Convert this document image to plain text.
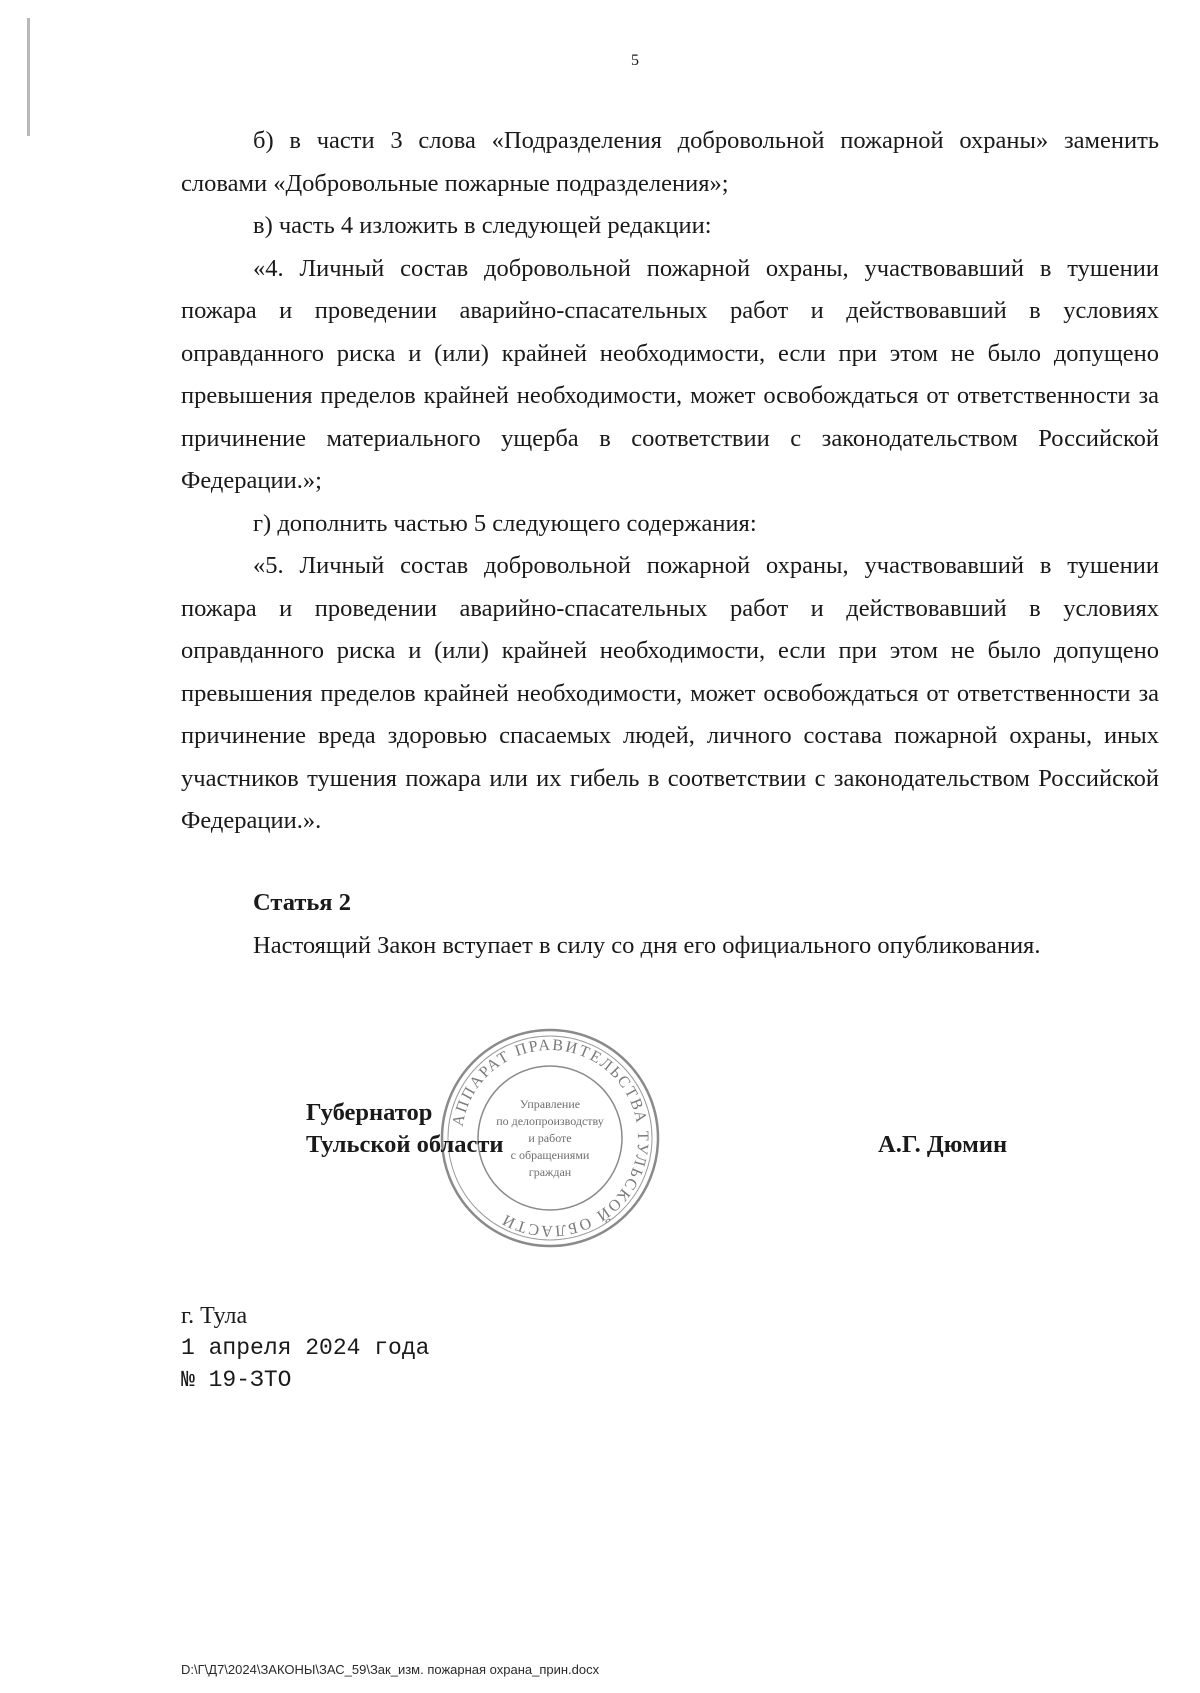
5

б) в части 3 слова «Подразделения добровольной пожарной охраны» заменить словами «Добровольные пожарные подразделения»;

в) часть 4 изложить в следующей редакции:

«4. Личный состав добровольной пожарной охраны, участвовавший в тушении пожара и проведении аварийно-спасательных работ и действовавший в условиях оправданного риска и (или) крайней необходимости, если при этом не было допущено превышения пределов крайней необходимости, может освобождаться от ответственности за причинение материального ущерба в соответствии с законодательством Российской Федерации.»;

г) дополнить частью 5 следующего содержания:

«5. Личный состав добровольной пожарной охраны, участвовавший в тушении пожара и проведении аварийно-спасательных работ и действовавший в условиях оправданного риска и (или) крайней необходимости, если при этом не было допущено превышения пределов крайней необходимости, может освобождаться от ответственности за причинение вреда здоровью спасаемых людей, личного состава пожарной охраны, иных участников тушения пожара или их гибель в соответствии с законодательством Российской Федерации.».

Статья 2

Настоящий Закон вступает в силу со дня его официального опубликования.

АППАРАТ ПРАВИТЕЛЬСТВА ТУЛЬСКОЙ ОБЛАСТИ
Управление
по делопроизводству
и работе
с обращениями
граждан
Губернатор
Тульской области	А.Г. Дюмин
г. Тула
1 апреля 2024 года
№ 19-ЗТО
D:\Г\Д7\2024\ЗАКОНЫ\ЗАС_59\Зак_изм. пожарная охрана_прин.docx
